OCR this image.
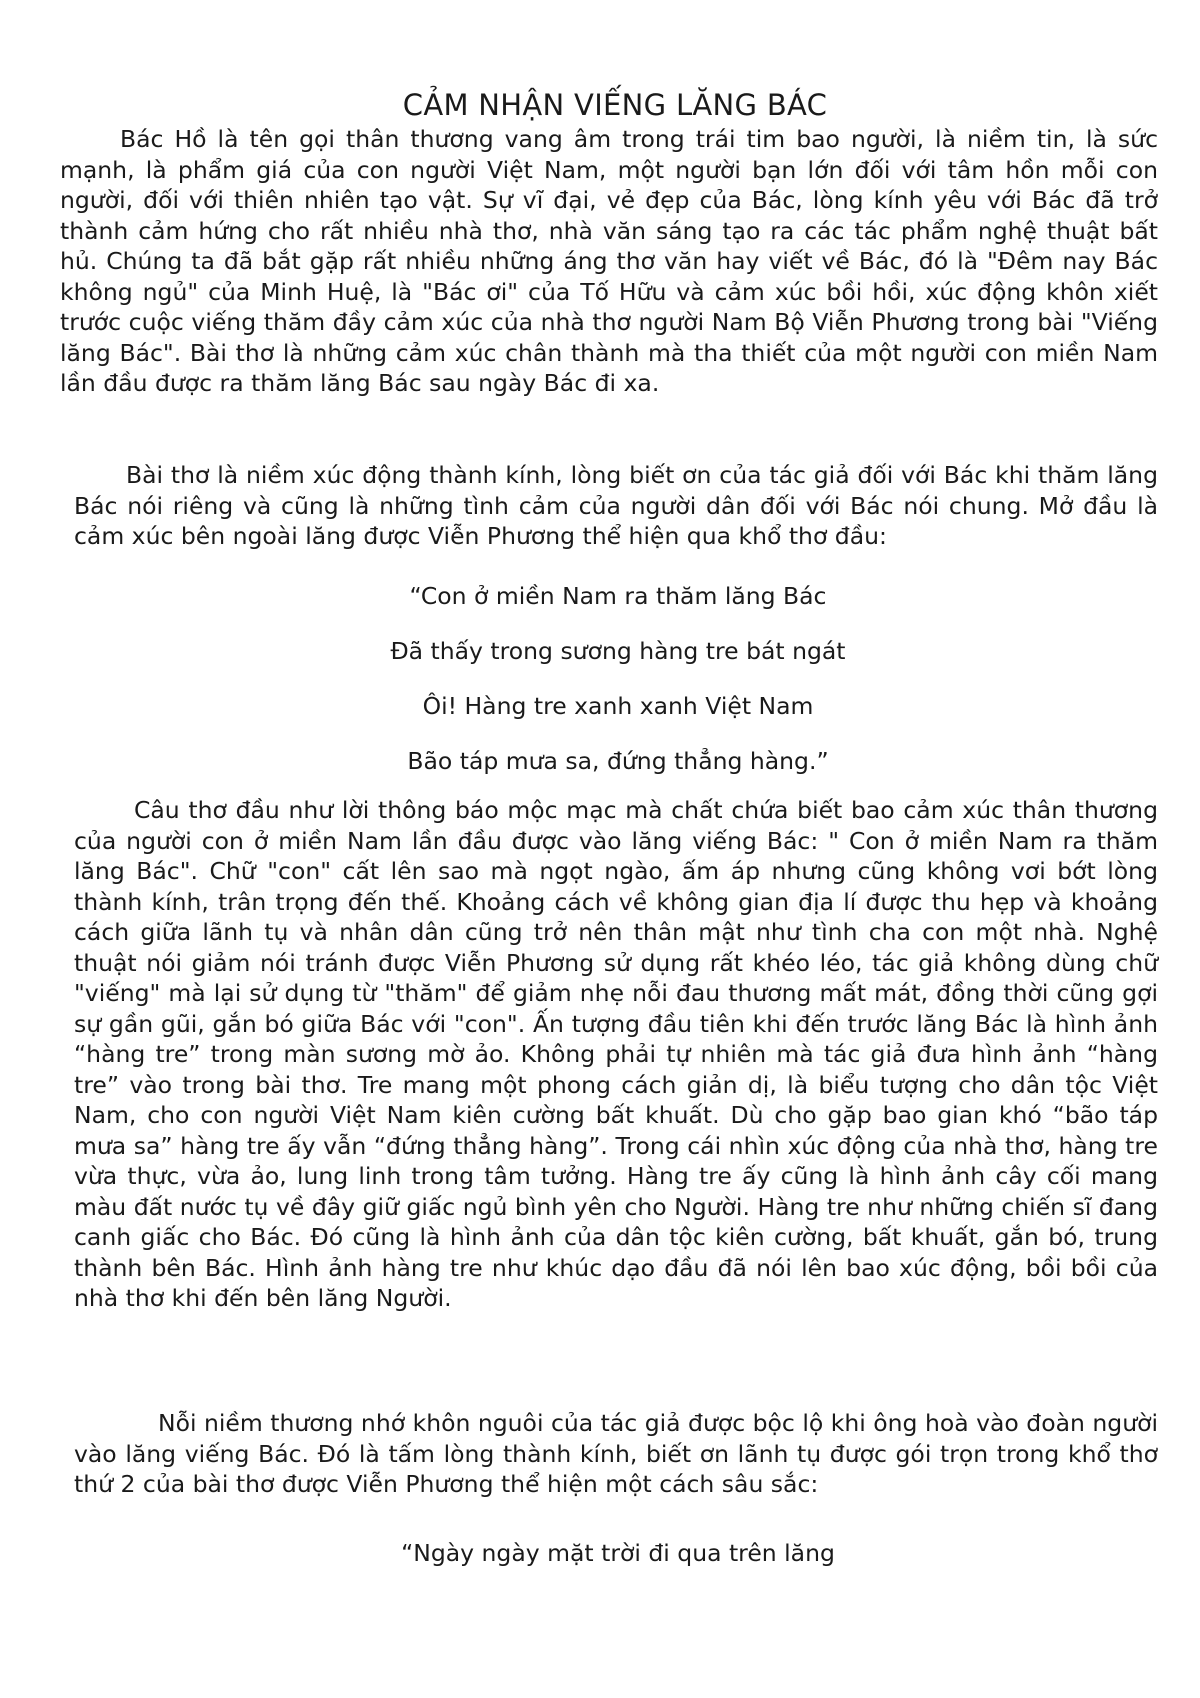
CẢM NHẬN VIẾNG LĂNG BÁC

Bác Hồ là tên gọi thân thương vang âm trong trái tim bao người, là niềm tin, là sức mạnh, là phẩm giá của con người Việt Nam, một người bạn lớn đối với tâm hồn mỗi con người, đối với thiên nhiên tạo vật. Sự vĩ đại, vẻ đẹp của Bác, lòng kính yêu với Bác đã trở thành cảm hứng cho rất nhiều nhà thơ, nhà văn sáng tạo ra các tác phẩm nghệ thuật bất hủ. Chúng ta đã bắt gặp rất nhiều những áng thơ văn hay viết về Bác, đó là "Đêm nay Bác không ngủ" của Minh Huệ, là "Bác ơi" của Tố Hữu và cảm xúc bồi hồi, xúc động khôn xiết trước cuộc viếng thăm đầy cảm xúc của nhà thơ người Nam Bộ Viễn Phương trong bài "Viếng lăng Bác". Bài thơ là những cảm xúc chân thành mà tha thiết của một người con miền Nam lần đầu được ra thăm lăng Bác sau ngày Bác đi xa.

Bài thơ là niềm xúc động thành kính, lòng biết ơn của tác giả đối với Bác khi thăm lăng Bác nói riêng và cũng là những tình cảm của người dân đối với Bác nói chung. Mở đầu là cảm xúc bên ngoài lăng được Viễn Phương thể hiện qua khổ thơ đầu:

“Con ở miền Nam ra thăm lăng Bác

Đã thấy trong sương hàng tre bát ngát

Ôi! Hàng tre xanh xanh Việt Nam

Bão táp mưa sa, đứng thẳng hàng.”

Câu thơ đầu như lời thông báo mộc mạc mà chất chứa biết bao cảm xúc thân thương của người con ở miền Nam lần đầu được vào lăng viếng Bác: " Con ở miền Nam ra thăm lăng Bác". Chữ "con" cất lên sao mà ngọt ngào, ấm áp nhưng cũng không vơi bớt lòng thành kính, trân trọng đến thế. Khoảng cách về không gian địa lí được thu hẹp và khoảng cách giữa lãnh tụ và nhân dân cũng trở nên thân mật như tình cha con một nhà. Nghệ thuật nói giảm nói tránh được Viễn Phương sử dụng rất khéo léo, tác giả không dùng chữ "viếng" mà lại sử dụng từ "thăm" để giảm nhẹ nỗi đau thương mất mát, đồng thời cũng gợi sự gần gũi, gắn bó giữa Bác với "con". Ấn tượng đầu tiên khi đến trước lăng Bác là hình ảnh “hàng tre” trong màn sương mờ ảo. Không phải tự nhiên mà tác giả đưa hình ảnh “hàng tre” vào trong bài thơ. Tre mang một phong cách giản dị, là biểu tượng cho dân tộc Việt Nam, cho con người Việt Nam kiên cường bất khuất. Dù cho gặp bao gian khó “bão táp mưa sa” hàng tre ấy vẫn “đứng thẳng hàng”. Trong cái nhìn xúc động của nhà thơ, hàng tre vừa thực, vừa ảo, lung linh trong tâm tưởng. Hàng tre ấy cũng là hình ảnh cây cối mang màu đất nước tụ về đây giữ giấc ngủ bình yên cho Người. Hàng tre như những chiến sĩ đang canh giấc cho Bác. Đó cũng là hình ảnh của dân tộc kiên cường, bất khuất, gắn bó, trung thành bên Bác. Hình ảnh hàng tre như khúc dạo đầu đã nói lên bao xúc động, bồi bồi của nhà thơ khi đến bên lăng Người.

Nỗi niềm thương nhớ khôn nguôi của tác giả được bộc lộ khi ông hoà vào đoàn người vào lăng viếng Bác. Đó là tấm lòng thành kính, biết ơn lãnh tụ được gói trọn trong khổ thơ thứ 2 của bài thơ được Viễn Phương thể hiện một cách sâu sắc:

“Ngày ngày mặt trời đi qua trên lăng
